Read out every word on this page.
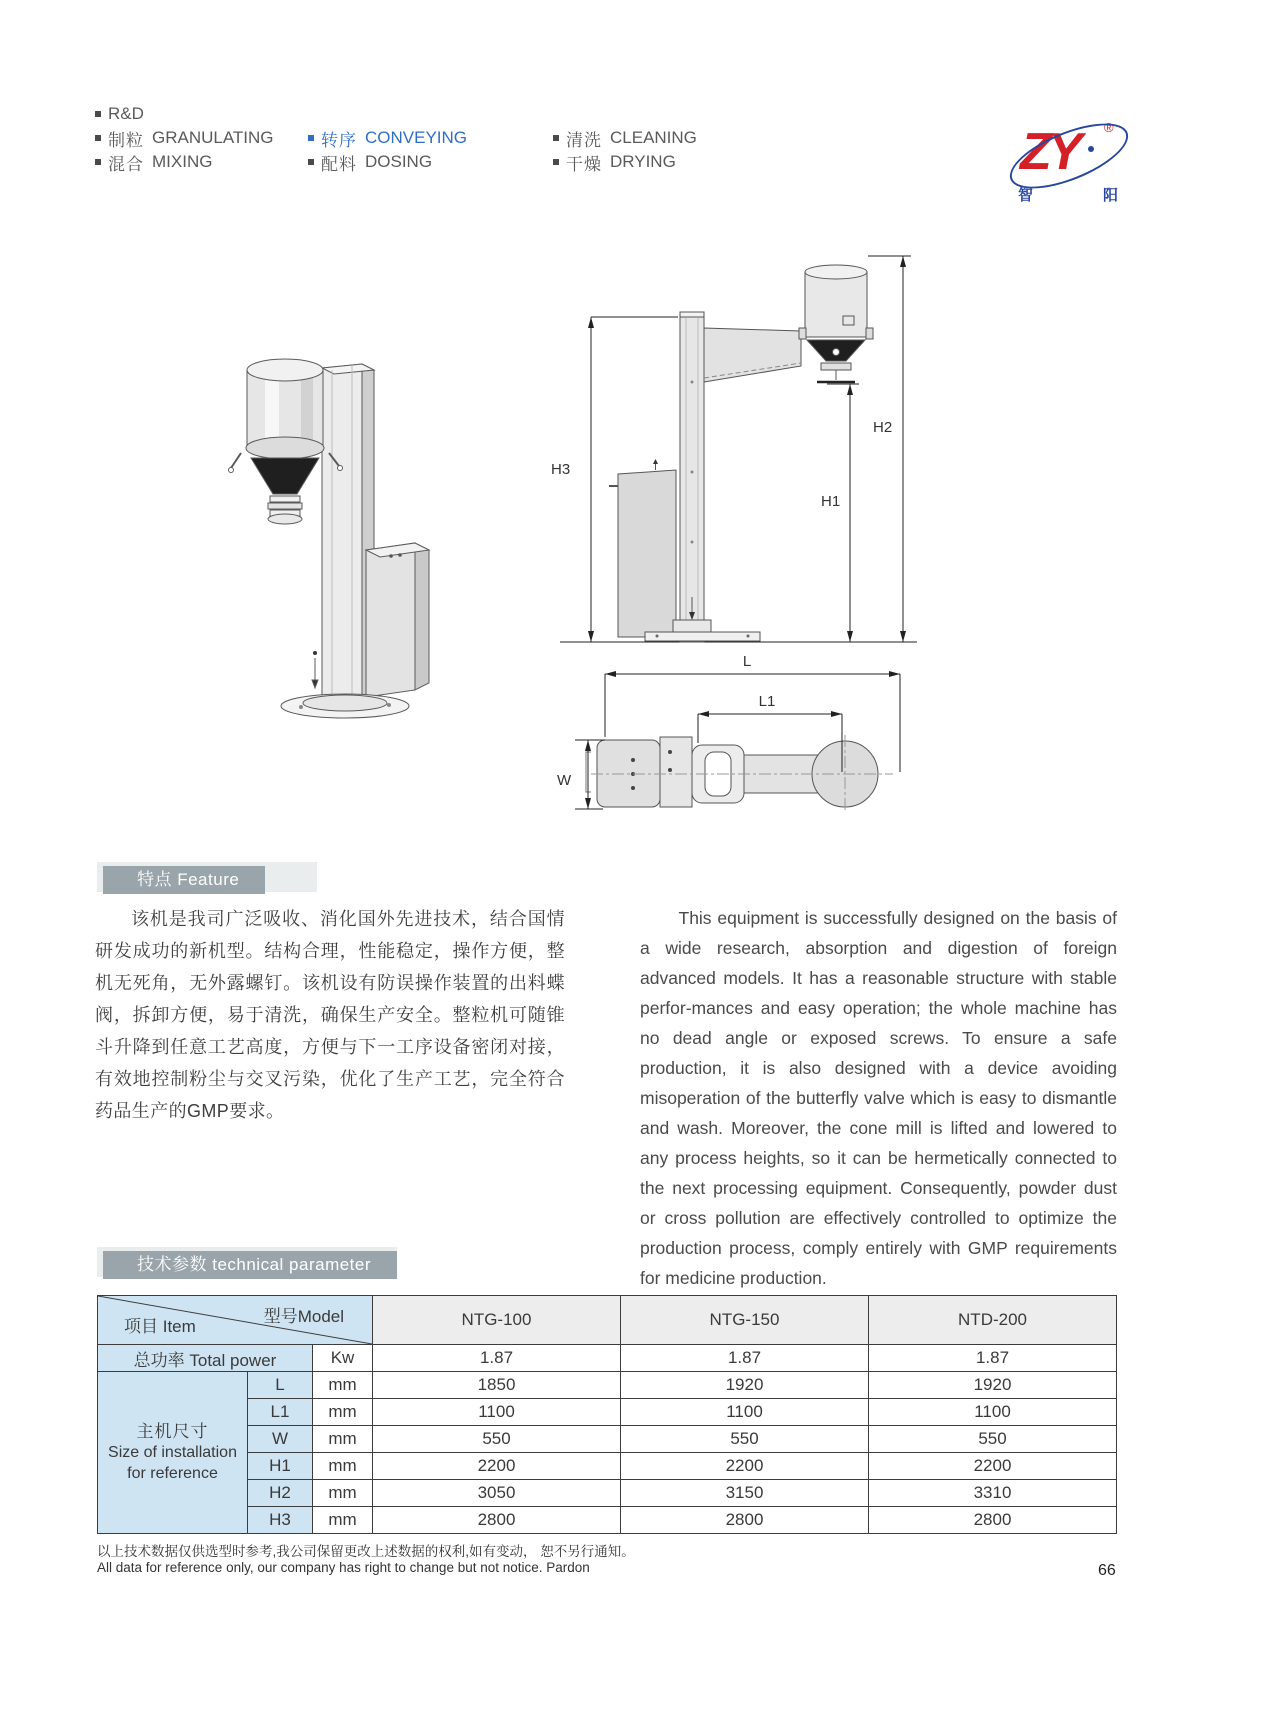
R&D
制粒 GRANULATING
混合 MIXING
转序 CONVEYING
配料 DOSING
清洗 CLEANING
干燥 DRYING	ZY ®
智	阳
H3
H1
H2
L
L1
W
特点 Feature
该机是我司广泛吸收、消化国外先进技术，结合国情研发成功的新机型。结构合理，性能稳定，操作方便，整机无死角，无外露螺钉。该机设有防误操作装置的出料蝶阀，拆卸方便，易于清洗，确保生产安全。整粒机可随锥斗升降到任意工艺高度，方便与下一工序设备密闭对接，有效地控制粉尘与交叉污染，优化了生产工艺，完全符合药品生产的GMP要求。
This equipment is successfully designed on the basis of a wide research, absorption and digestion of foreign advanced models. It has a reasonable structure with stable perfor-mances and easy operation; the whole machine has no dead angle or exposed screws. To ensure a safe production, it is also designed with a device avoiding misoperation of the butterfly valve which is easy to dismantle and wash. Moreover, the cone mill is lifted and lowered to any process heights, so it can be hermetically connected to the next processing equipment. Consequently, powder dust or cross pollution are effectively controlled to optimize the production process, comply entirely with GMP requirements for medicine production.
技术参数 technical parameter
项目 Item
型号Model			NTG-100	NTG-150	NTD-200
总功率 Total power		Kw	1.87	1.87	1.87

主机尺寸
Size of installation
for reference	L	mm	1850	1920	1920
	L1	mm	1100	1100	1100
	W	mm	550	550	550
	H1	mm	2200	2200	2200
	H2	mm	3050	3150	3310
	H3	mm	2800	2800	2800
以上技术数据仅供选型时参考,我公司保留更改上述数据的权利,如有变动， 恕不另行通知。
All data for reference only, our company has right to change but not notice. Pardon	66
